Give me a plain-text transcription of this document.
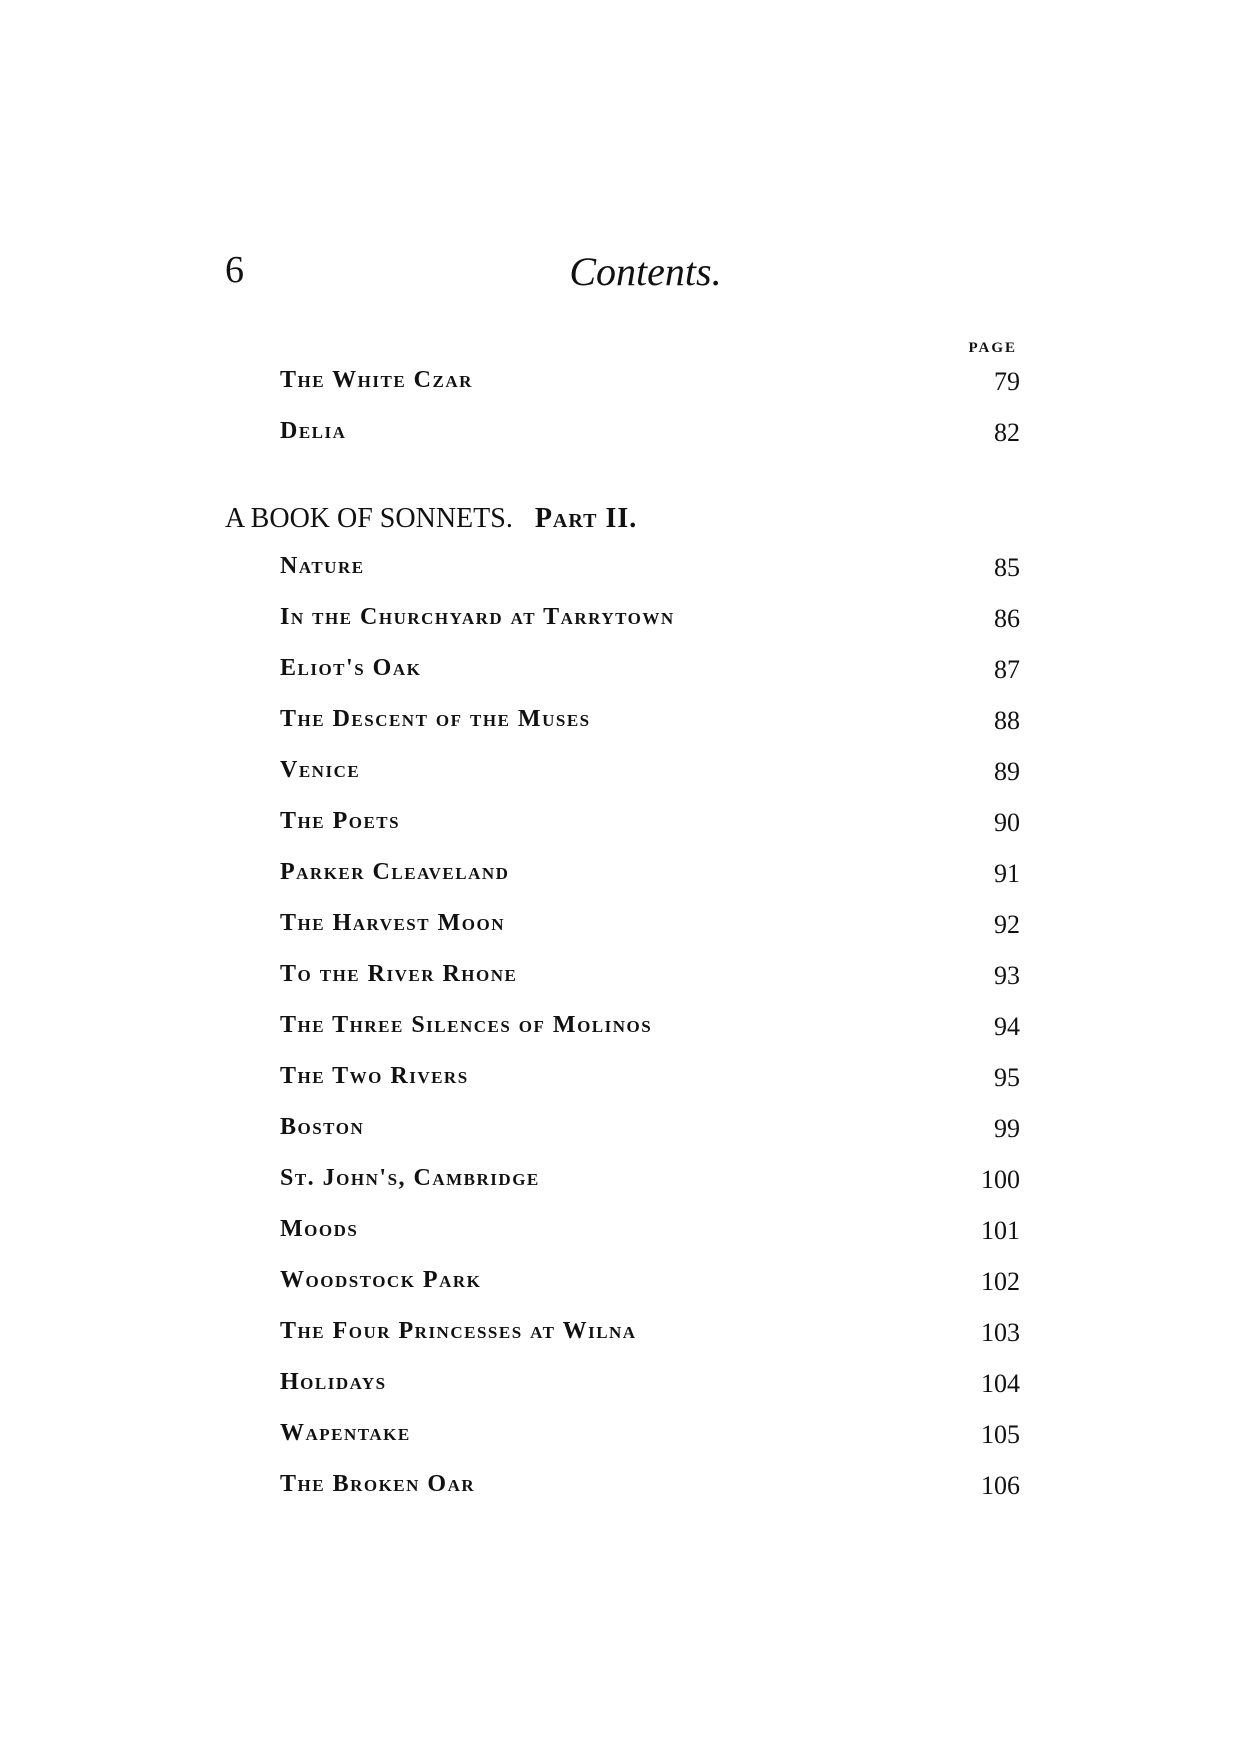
6	Contents.
PAGE
The White Czar	79
Delia	82
A BOOK OF SONNETS. Part II.
Nature	85
In the Churchyard at Tarrytown	86
Eliot's Oak	87
The Descent of the Muses	88
Venice	89
The Poets	90
Parker Cleaveland	91
The Harvest Moon	92
To the River Rhone	93
The Three Silences of Molinos	94
The Two Rivers	95
Boston	99
St. John's, Cambridge	100
Moods	101
Woodstock Park	102
The Four Princesses at Wilna	103
Holidays	104
Wapentake	105
The Broken Oar	106
